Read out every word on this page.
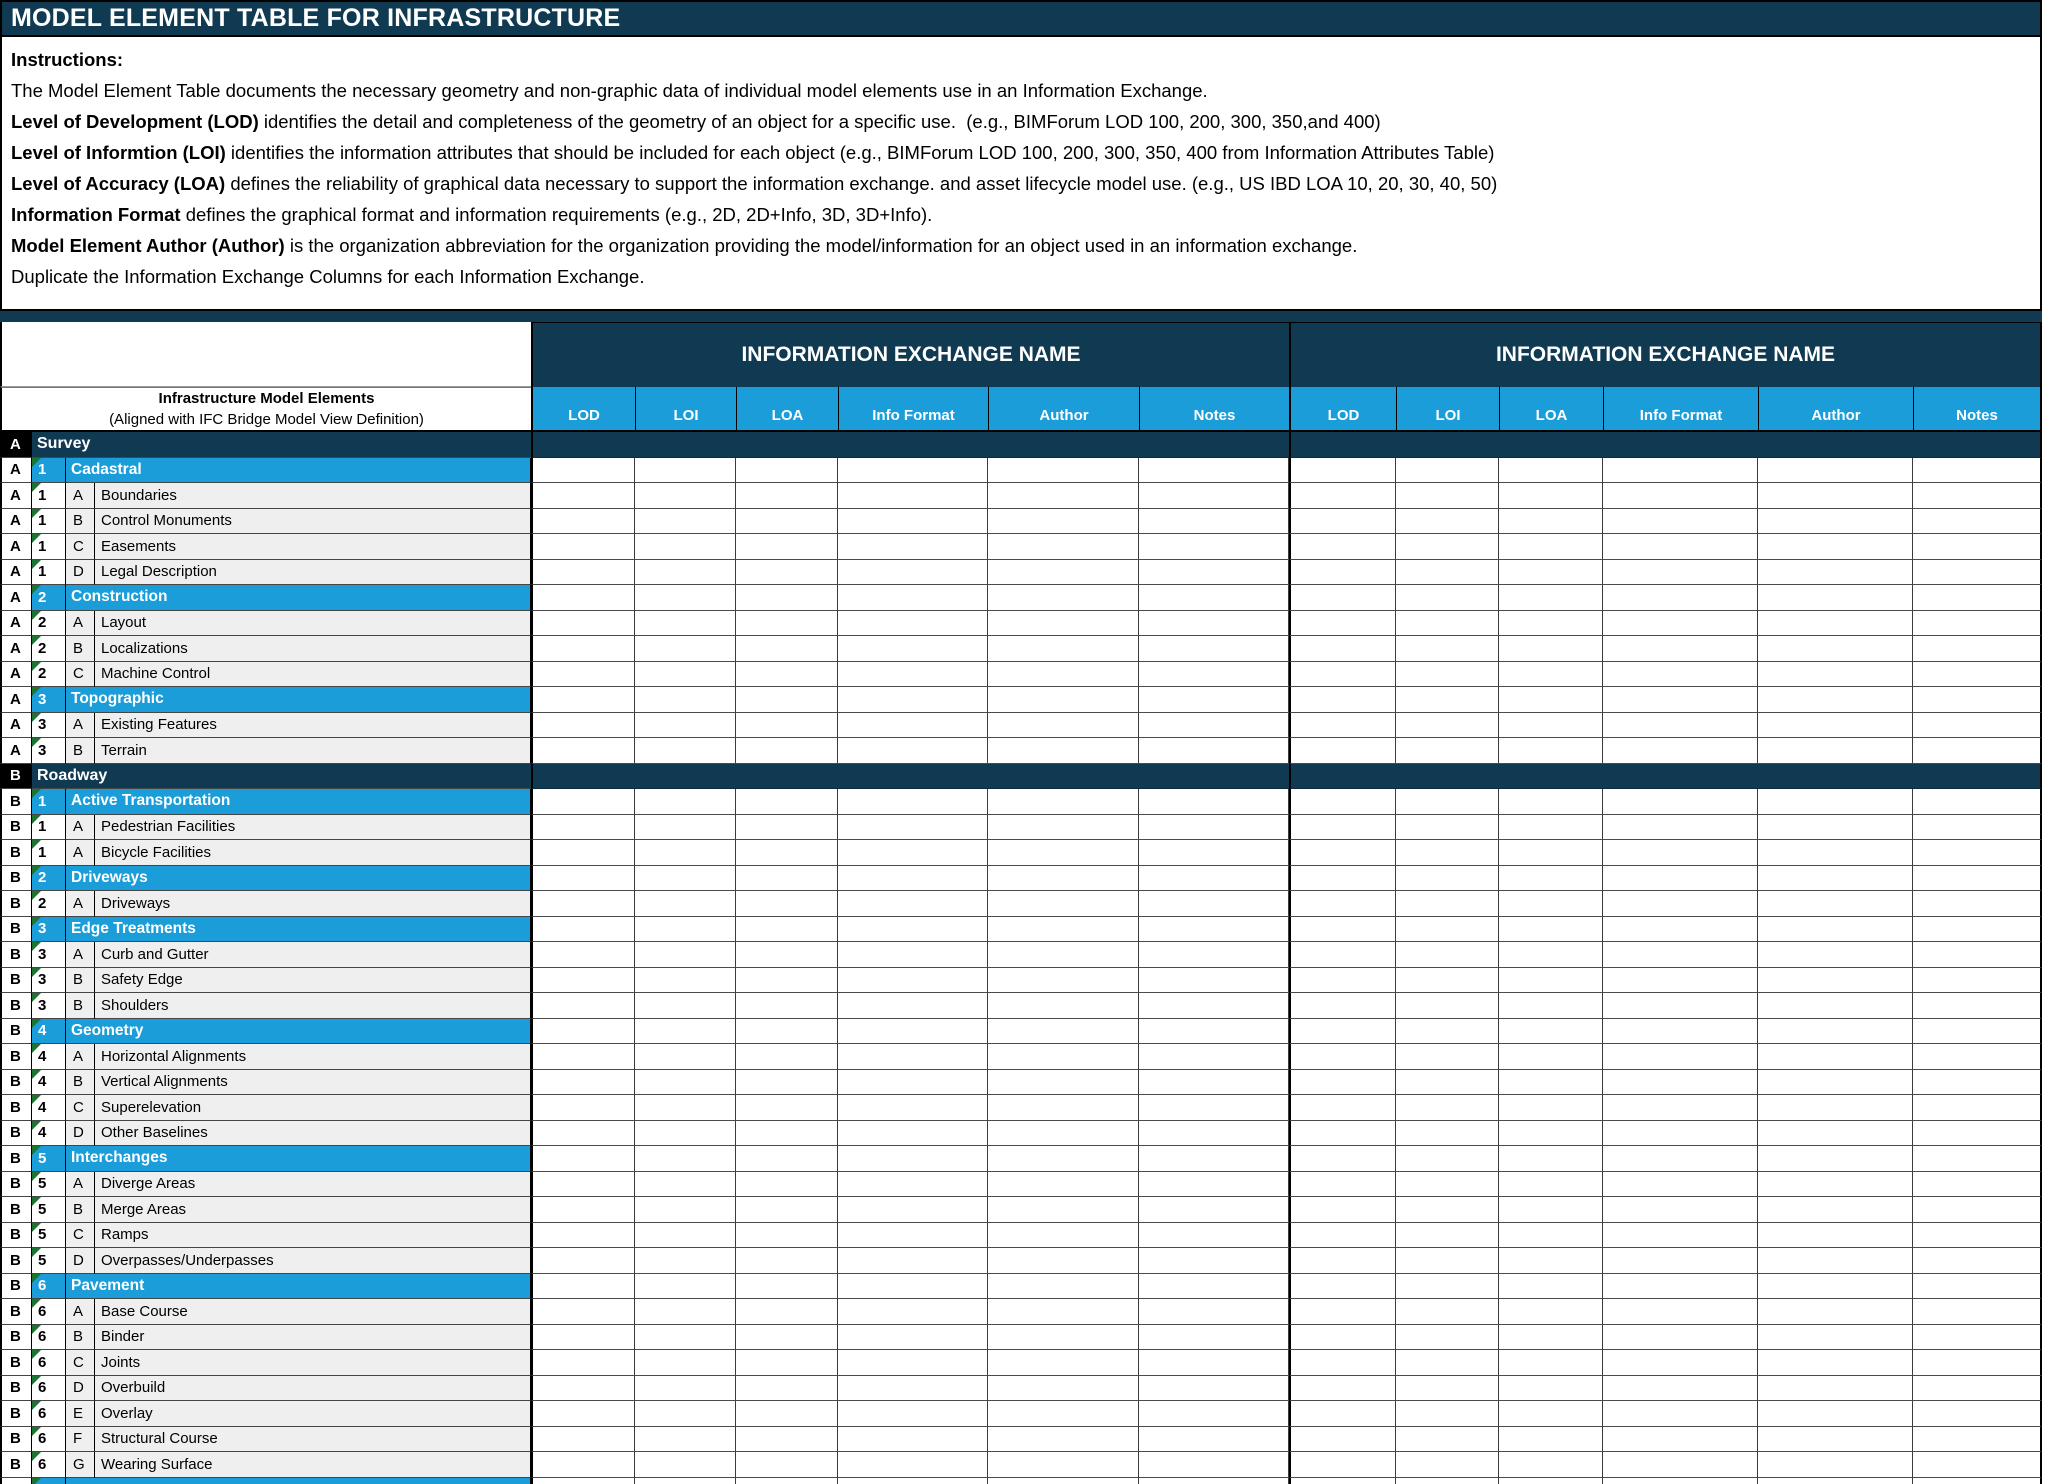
MODEL ELEMENT TABLE FOR INFRASTRUCTURE
Instructions:
The Model Element Table documents the necessary geometry and non-graphic data of individual model elements use in an Information Exchange.
Level of Development (LOD) identifies the detail and completeness of the geometry of an object for a specific use.  (e.g., BIMForum LOD 100, 200, 300, 350,and 400)
Level of Informtion (LOI) identifies the information attributes that should be included for each object (e.g., BIMForum LOD 100, 200, 300, 350, 400 from Information Attributes Table)
Level of Accuracy (LOA) defines the reliability of graphical data necessary to support the information exchange. and asset lifecycle model use. (e.g., US IBD LOA 10, 20, 30, 40, 50)
Information Format defines the graphical format and information requirements (e.g., 2D, 2D+Info, 3D, 3D+Info).
Model Element Author (Author) is the organization abbreviation for the organization providing the model/information for an object used in an information exchange.
Duplicate the Information Exchange Columns for each Information Exchange.
INFORMATION EXCHANGE NAME	INFORMATION EXCHANGE NAME
Infrastructure Model Elements
(Aligned with IFC Bridge Model View Definition)	LOD	LOI	LOA	Info Format	Author	Notes	LOD	LOI	LOA	Info Format	Author	Notes
A	Survey
A	1	Cadastral
A	1	A	Boundaries
A	1	B	Control Monuments
A	1	C	Easements
A	1	D	Legal Description
A	2	Construction
A	2	A	Layout
A	2	B	Localizations
A	2	C	Machine Control
A	3	Topographic
A	3	A	Existing Features
A	3	B	Terrain
B	Roadway
B	1	Active Transportation
B	1	A	Pedestrian Facilities
B	1	A	Bicycle Facilities
B	2	Driveways
B	2	A	Driveways
B	3	Edge Treatments
B	3	A	Curb and Gutter
B	3	B	Safety Edge
B	3	B	Shoulders
B	4	Geometry
B	4	A	Horizontal Alignments
B	4	B	Vertical Alignments
B	4	C	Superelevation
B	4	D	Other Baselines
B	5	Interchanges
B	5	A	Diverge Areas
B	5	B	Merge Areas
B	5	C	Ramps
B	5	D	Overpasses/Underpasses
B	6	Pavement
B	6	A	Base Course
B	6	B	Binder
B	6	C	Joints
B	6	D	Overbuild
B	6	E	Overlay
B	6	F	Structural Course
B	6	G	Wearing Surface
